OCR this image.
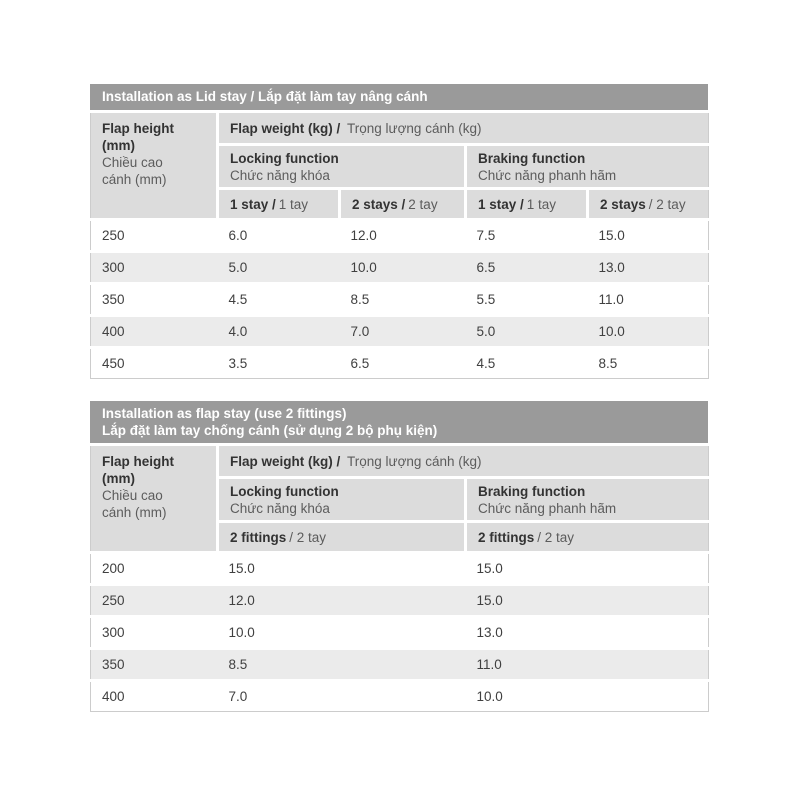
Installation as Lid stay / Lắp đặt làm tay nâng cánh
Flap height
(mm)
Chiều cao
cánh (mm)	Flap weight (kg) / Trọng lượng cánh (kg)			

Locking function
Chức năng khóa

Braking function
Chức năng phanh hãm

	1 stay / 1 tay	2 stays / 2 tay	1 stay / 1 tay	2 stays / 2 tay
250	6.0	12.0	7.5	15.0
300	5.0	10.0	6.5	13.0
350	4.5	8.5	5.5	11.0
400	4.0	7.0	5.0	10.0
450	3.5	6.5	4.5	8.5
Installation as flap stay (use 2 fittings)
Lắp đặt làm tay chống cánh (sử dụng 2 bộ phụ kiện)
Flap height
(mm)
Chiều cao
cánh (mm)	Flap weight (kg) / Trọng lượng cánh (kg)	

Locking function
Chức năng khóa

Braking function
Chức năng phanh hãm

	2 fittings / 2 tay	2 fittings / 2 tay
200	15.0	15.0
250	12.0	15.0
300	10.0	13.0
350	8.5	11.0
400	7.0	10.0
